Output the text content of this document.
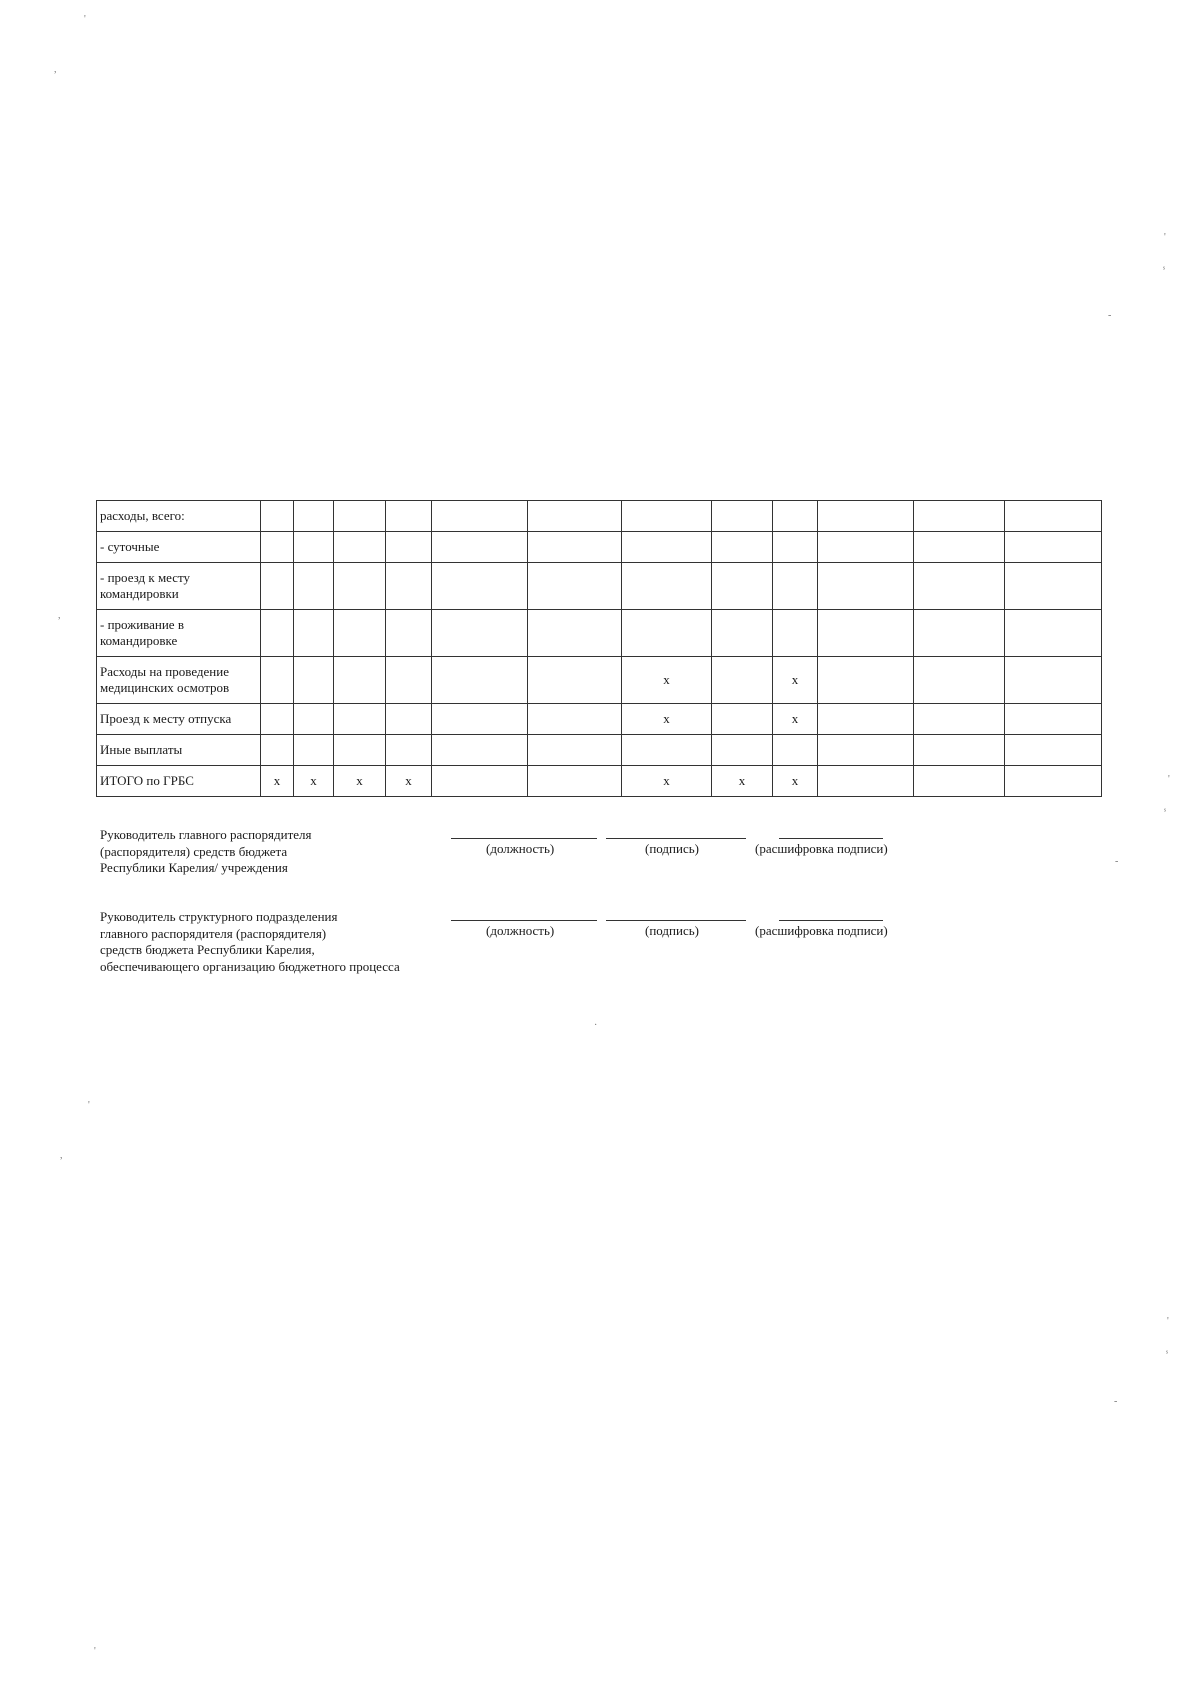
расходы, всего:												
- суточные												
- проезд к месту командировки												
- проживание в командировке												
Расходы на проведение медицинских осмотров							x		x			
Проезд к месту отпуска							x		x			
Иные выплаты												
ИТОГО по ГРБС	x	x	x	x			x	x	x			
Руководитель главного распорядителя
(распорядителя) средств бюджета
Республики Карелия/ учреждения
(должность)	(подпись)	(расшифровка подписи)
Руководитель структурного подразделения
главного распорядителя (распорядителя)
средств бюджета Республики Карелия,
обеспечивающего организацию бюджетного процесса
(должность)	(подпись)	(расшифровка подписи)
'
,
'
ˢ
-
,
'
ˢ
-
·
'
,
'
ˢ
-
'
